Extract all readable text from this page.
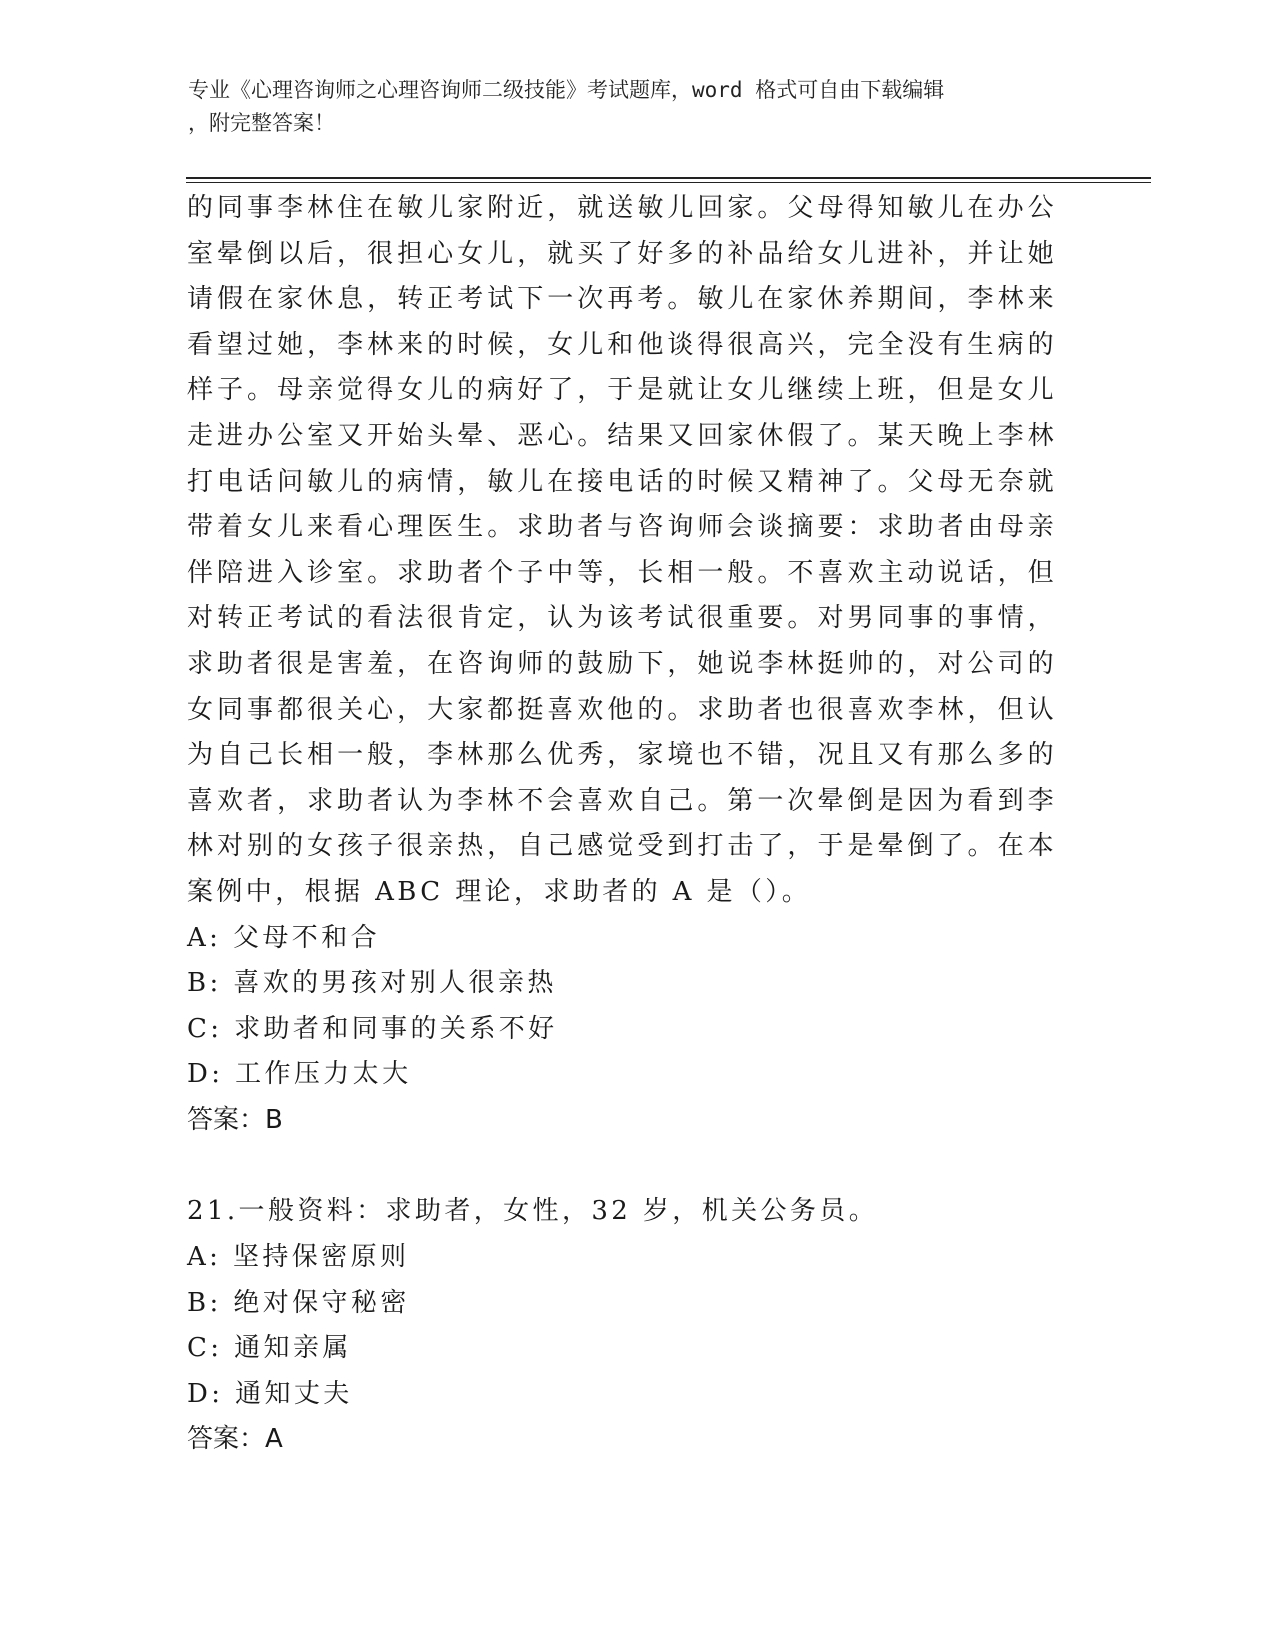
专业《心理咨询师之心理咨询师二级技能》考试题库，word 格式可自由下载编辑
，附完整答案！

的同事李林住在敏儿家附近，就送敏儿回家。父母得知敏儿在办公室晕倒以后，很担心女儿，就买了好多的补品给女儿进补，并让她请假在家休息，转正考试下一次再考。敏儿在家休养期间，李林来看望过她，李林来的时候，女儿和他谈得很高兴，完全没有生病的样子。母亲觉得女儿的病好了，于是就让女儿继续上班，但是女儿走进办公室又开始头晕、恶心。结果又回家休假了。某天晚上李林打电话问敏儿的病情，敏儿在接电话的时候又精神了。父母无奈就带着女儿来看心理医生。求助者与咨询师会谈摘要：求助者由母亲伴陪进入诊室。求助者个子中等，长相一般。不喜欢主动说话，但对转正考试的看法很肯定，认为该考试很重要。对男同事的事情，求助者很是害羞，在咨询师的鼓励下，她说李林挺帅的，对公司的女同事都很关心，大家都挺喜欢他的。求助者也很喜欢李林，但认为自己长相一般，李林那么优秀，家境也不错，况且又有那么多的喜欢者，求助者认为李林不会喜欢自己。第一次晕倒是因为看到李林对别的女孩子很亲热，自己感觉受到打击了，于是晕倒了。在本案例中，根据 ABC 理论，求助者的 A 是（）。

A: 父母不和合

B: 喜欢的男孩对别人很亲热

C: 求助者和同事的关系不好

D: 工作压力太大

答案：B

21.一般资料：求助者，女性，32 岁，机关公务员。

A: 坚持保密原则

B: 绝对保守秘密

C: 通知亲属

D: 通知丈夫

答案：A
